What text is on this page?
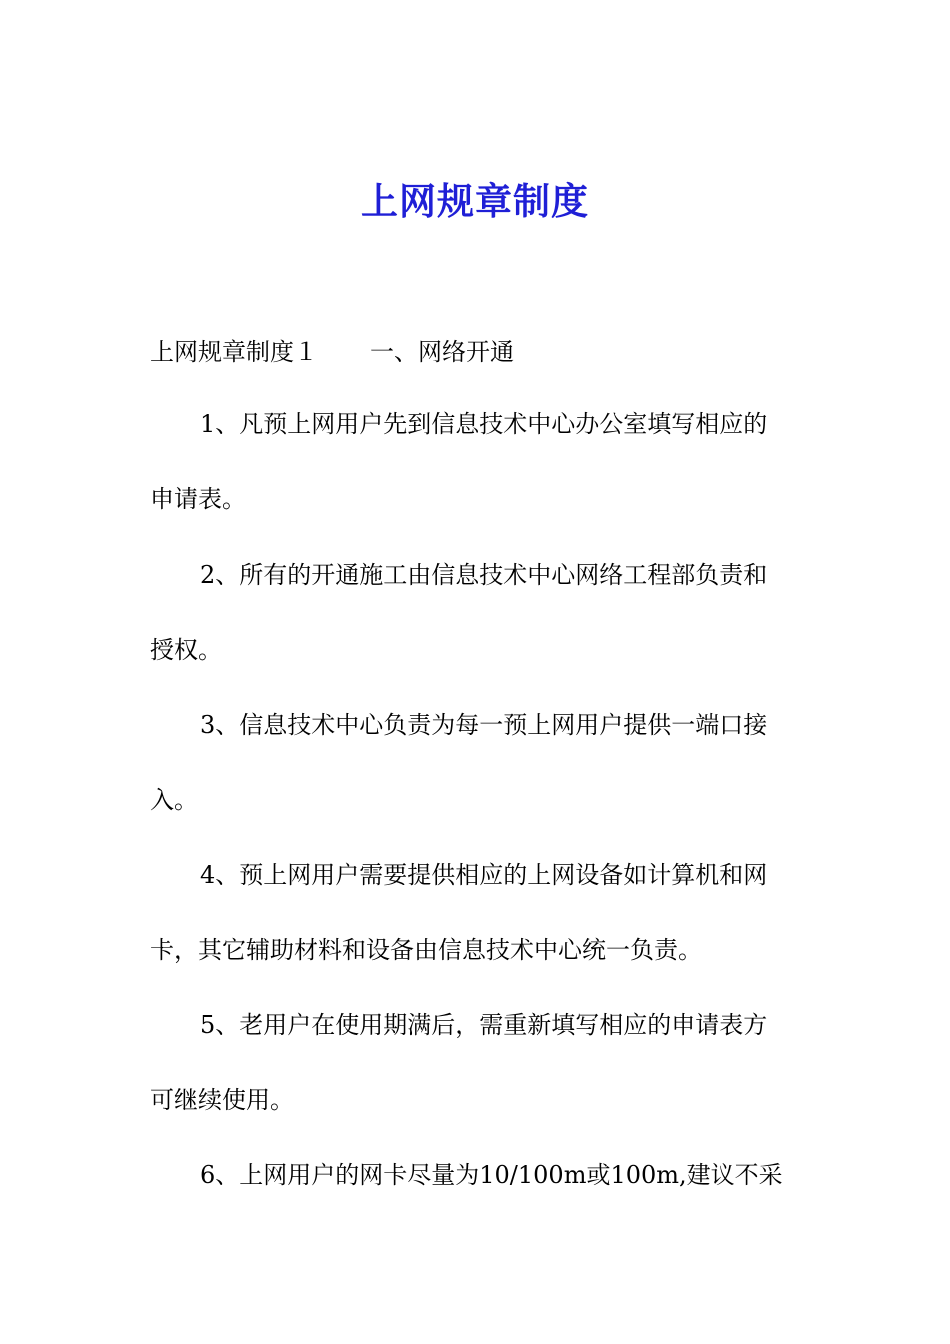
上网规章制度
上网规章制度１ 一、网络开通
1、凡预上网用户先到信息技术中心办公室填写相应的
申请表。
2、所有的开通施工由信息技术中心网络工程部负责和
授权。
3、信息技术中心负责为每一预上网用户提供一端口接
入。
4、预上网用户需要提供相应的上网设备如计算机和网
卡，其它辅助材料和设备由信息技术中心统一负责。
5、老用户在使用期满后，需重新填写相应的申请表方
可继续使用。
6、上网用户的网卡尽量为10/100m或100m,建议不采
